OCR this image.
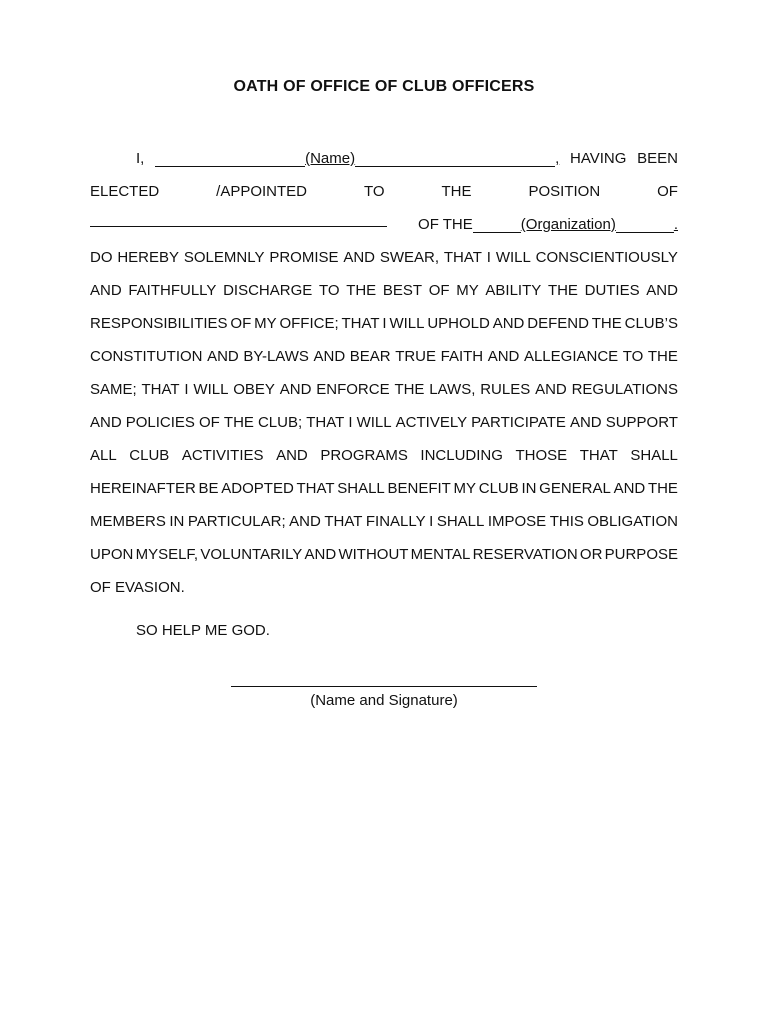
OATH OF OFFICE OF CLUB OFFICERS
I,	(Name)	, HAVING BEEN
ELECTED	/APPOINTED	TO	THE	POSITION	OF
OF THE	(Organization)	.
DO HEREBY SOLEMNLY PROMISE AND SWEAR, THAT I WILL CONSCIENTIOUSLY
AND FAITHFULLY DISCHARGE TO THE BEST OF MY ABILITY THE DUTIES AND
RESPONSIBILITIES OF MY OFFICE; THAT I WILL UPHOLD AND DEFEND THE CLUB’S
CONSTITUTION AND BY-LAWS AND BEAR TRUE FAITH AND ALLEGIANCE TO THE
SAME; THAT I WILL OBEY AND ENFORCE THE LAWS, RULES AND REGULATIONS
AND POLICIES OF THE CLUB; THAT I WILL ACTIVELY PARTICIPATE AND SUPPORT
ALL CLUB ACTIVITIES AND PROGRAMS INCLUDING THOSE THAT SHALL
HEREINAFTER BE ADOPTED THAT SHALL BENEFIT MY CLUB IN GENERAL AND THE
MEMBERS IN PARTICULAR; AND THAT FINALLY I SHALL IMPOSE THIS OBLIGATION
UPON MYSELF, VOLUNTARILY AND WITHOUT MENTAL RESERVATION OR PURPOSE
OF EVASION.
SO HELP ME GOD.
(Name and Signature)
